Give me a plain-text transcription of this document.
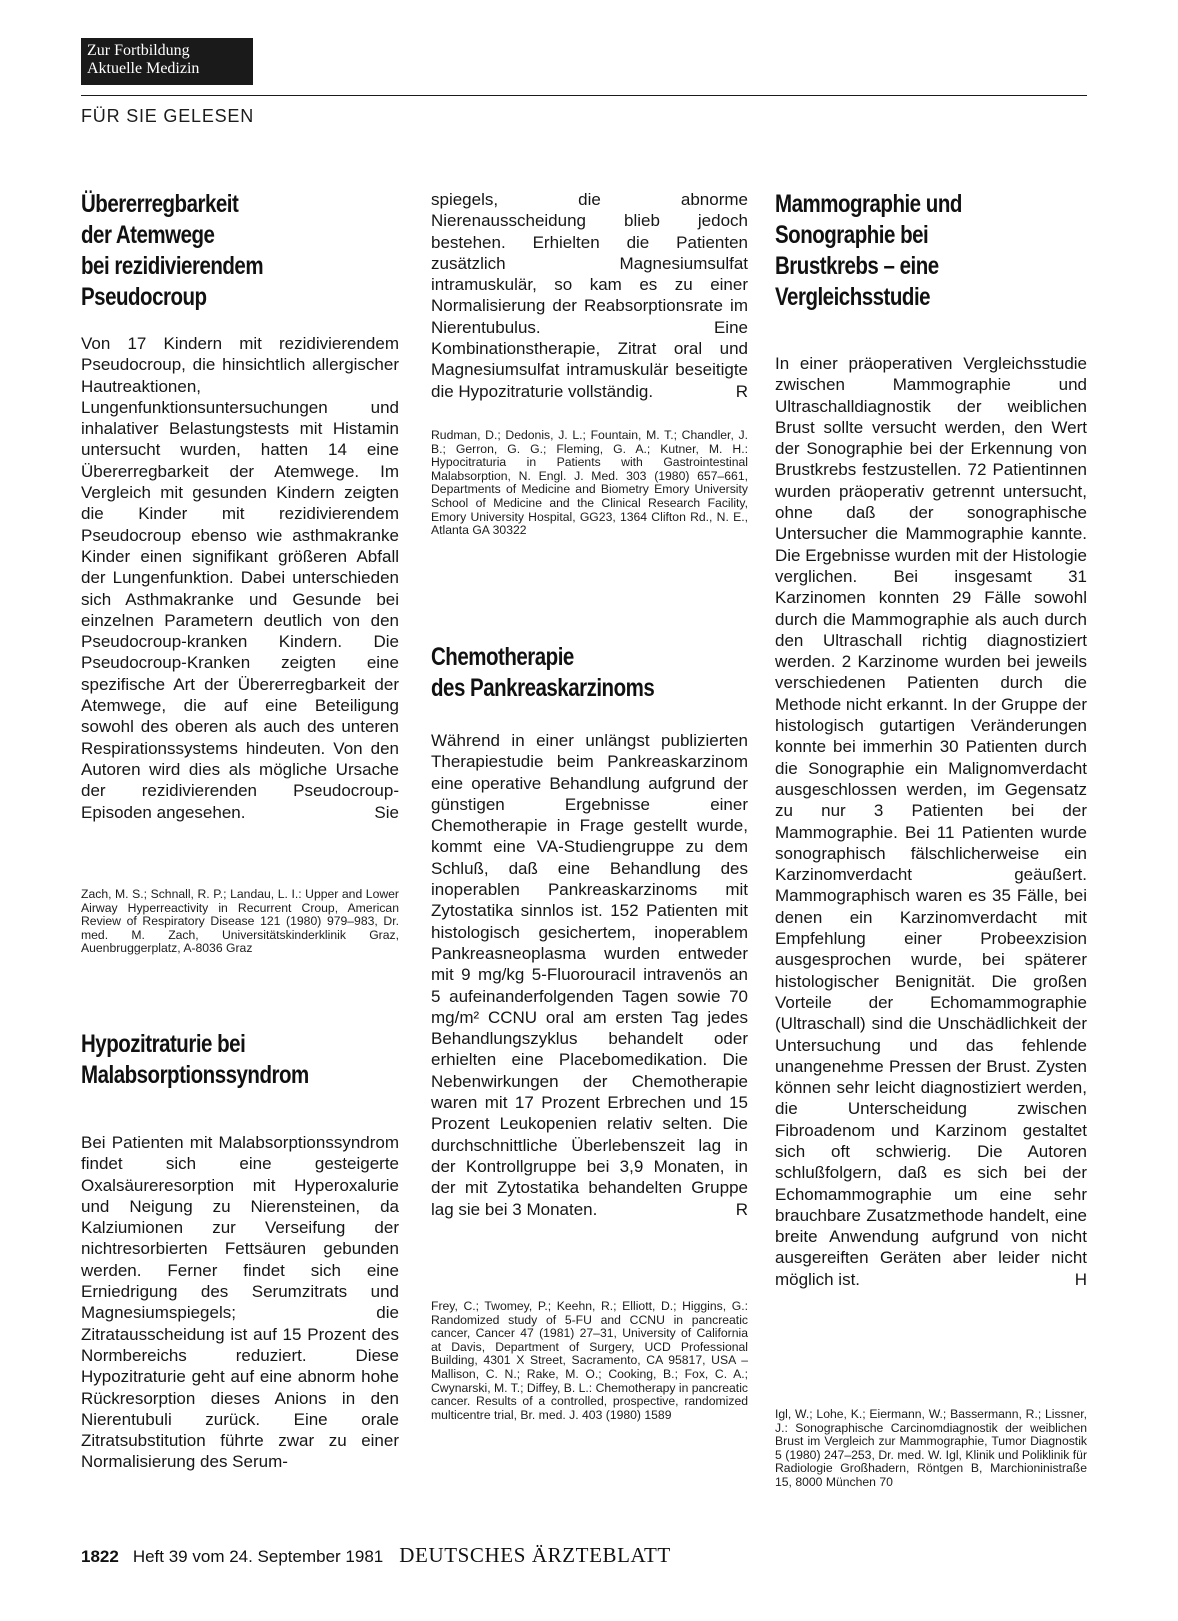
Zur Fortbildung
Aktuelle Medizin
FÜR SIE GELESEN
Übererregbarkeit
der Atemwege
bei rezidivierendem
Pseudocroup
Von 17 Kindern mit rezidivierendem Pseudocroup, die hinsichtlich allergischer Hautreaktionen, Lungenfunktionsuntersuchungen und inhalativer Belastungstests mit Histamin untersucht wurden, hatten 14 eine Übererregbarkeit der Atemwege. Im Vergleich mit gesunden Kindern zeigten die Kinder mit rezidivierendem Pseudocroup ebenso wie asthmakranke Kinder einen signifikant größeren Abfall der Lungenfunktion. Dabei unterschieden sich Asthmakranke und Gesunde bei einzelnen Parametern deutlich von den Pseudocroup-kranken Kindern. Die Pseudocroup-Kranken zeigten eine spezifische Art der Übererregbarkeit der Atemwege, die auf eine Beteiligung sowohl des oberen als auch des unteren Respirationssystems hindeuten. Von den Autoren wird dies als mögliche Ursache der rezidivierenden Pseudocroup-Episoden angesehen.	Sie
Zach, M. S.; Schnall, R. P.; Landau, L. I.: Upper and Lower Airway Hyperreactivity in Recurrent Croup, American Review of Respiratory Disease 121 (1980) 979–983, Dr. med. M. Zach, Universitätskinderklinik Graz, Auenbruggerplatz, A-8036 Graz
Hypozitraturie bei
Malabsorptionssyndrom
Bei Patienten mit Malabsorptionssyndrom findet sich eine gesteigerte Oxalsäureresorption mit Hyperoxalurie und Neigung zu Nierensteinen, da Kalziumionen zur Verseifung der nichtresorbierten Fettsäuren gebunden werden. Ferner findet sich eine Erniedrigung des Serumzitrats und Magnesiumspiegels; die Zitratausscheidung ist auf 15 Prozent des Normbereichs reduziert. Diese Hypozitraturie geht auf eine abnorm hohe Rückresorption dieses Anions in den Nierentubuli zurück. Eine orale Zitratsubstitution führte zwar zu einer Normalisierung des Serum-
spiegels, die abnorme Nierenausscheidung blieb jedoch bestehen. Erhielten die Patienten zusätzlich Magnesiumsulfat intramuskulär, so kam es zu einer Normalisierung der Reabsorptionsrate im Nierentubulus. Eine Kombinationstherapie, Zitrat oral und Magnesiumsulfat intramuskulär beseitigte die Hypozitraturie vollständig.	R
Rudman, D.; Dedonis, J. L.; Fountain, M. T.; Chandler, J. B.; Gerron, G. G.; Fleming, G. A.; Kutner, M. H.: Hypocitraturia in Patients with Gastrointestinal Malabsorption, N. Engl. J. Med. 303 (1980) 657–661, Departments of Medicine and Biometry Emory University School of Medicine and the Clinical Research Facility, Emory University Hospital, GG23, 1364 Clifton Rd., N. E., Atlanta GA 30322
Chemotherapie
des Pankreaskarzinoms
Während in einer unlängst publizierten Therapiestudie beim Pankreaskarzinom eine operative Behandlung aufgrund der günstigen Ergebnisse einer Chemotherapie in Frage gestellt wurde, kommt eine VA-Studiengruppe zu dem Schluß, daß eine Behandlung des inoperablen Pankreaskarzinoms mit Zytostatika sinnlos ist. 152 Patienten mit histologisch gesichertem, inoperablem Pankreasneoplasma wurden entweder mit 9 mg/kg 5-Fluorouracil intravenös an 5 aufeinanderfolgenden Tagen sowie 70 mg/m² CCNU oral am ersten Tag jedes Behandlungszyklus behandelt oder erhielten eine Placebomedikation. Die Nebenwirkungen der Chemotherapie waren mit 17 Prozent Erbrechen und 15 Prozent Leukopenien relativ selten. Die durchschnittliche Überlebenszeit lag in der Kontrollgruppe bei 3,9 Monaten, in der mit Zytostatika behandelten Gruppe lag sie bei 3 Monaten.	R
Frey, C.; Twomey, P.; Keehn, R.; Elliott, D.; Higgins, G.: Randomized study of 5-FU and CCNU in pancreatic cancer, Cancer 47 (1981) 27–31, University of California at Davis, Department of Surgery, UCD Professional Building, 4301 X Street, Sacramento, CA 95817, USA – Mallison, C. N.; Rake, M. O.; Cooking, B.; Fox, C. A.; Cwynarski, M. T.; Diffey, B. L.: Chemotherapy in pancreatic cancer. Results of a controlled, prospective, randomized multicentre trial, Br. med. J. 403 (1980) 1589
Mammographie und
Sonographie bei
Brustkrebs – eine
Vergleichsstudie
In einer präoperativen Vergleichsstudie zwischen Mammographie und Ultraschalldiagnostik der weiblichen Brust sollte versucht werden, den Wert der Sonographie bei der Erkennung von Brustkrebs festzustellen. 72 Patientinnen wurden präoperativ getrennt untersucht, ohne daß der sonographische Untersucher die Mammographie kannte. Die Ergebnisse wurden mit der Histologie verglichen. Bei insgesamt 31 Karzinomen konnten 29 Fälle sowohl durch die Mammographie als auch durch den Ultraschall richtig diagnostiziert werden. 2 Karzinome wurden bei jeweils verschiedenen Patienten durch die Methode nicht erkannt. In der Gruppe der histologisch gutartigen Veränderungen konnte bei immerhin 30 Patienten durch die Sonographie ein Malignomverdacht ausgeschlossen werden, im Gegensatz zu nur 3 Patienten bei der Mammographie. Bei 11 Patienten wurde sonographisch fälschlicherweise ein Karzinomverdacht geäußert. Mammographisch waren es 35 Fälle, bei denen ein Karzinomverdacht mit Empfehlung einer Probeexzision ausgesprochen wurde, bei späterer histologischer Benignität. Die großen Vorteile der Echomammographie (Ultraschall) sind die Unschädlichkeit der Untersuchung und das fehlende unangenehme Pressen der Brust. Zysten können sehr leicht diagnostiziert werden, die Unterscheidung zwischen Fibroadenom und Karzinom gestaltet sich oft schwierig. Die Autoren schlußfolgern, daß es sich bei der Echomammographie um eine sehr brauchbare Zusatzmethode handelt, eine breite Anwendung aufgrund von nicht ausgereiften Geräten aber leider nicht möglich ist.	H
Igl, W.; Lohe, K.; Eiermann, W.; Bassermann, R.; Lissner, J.: Sonographische Carcinomdiagnostik der weiblichen Brust im Vergleich zur Mammographie, Tumor Diagnostik 5 (1980) 247–253, Dr. med. W. Igl, Klinik und Poliklinik für Radiologie Großhadern, Röntgen B, Marchioninistraße 15, 8000 München 70
1822 Heft 39 vom 24. September 1981 DEUTSCHES ÄRZTEBLATT
